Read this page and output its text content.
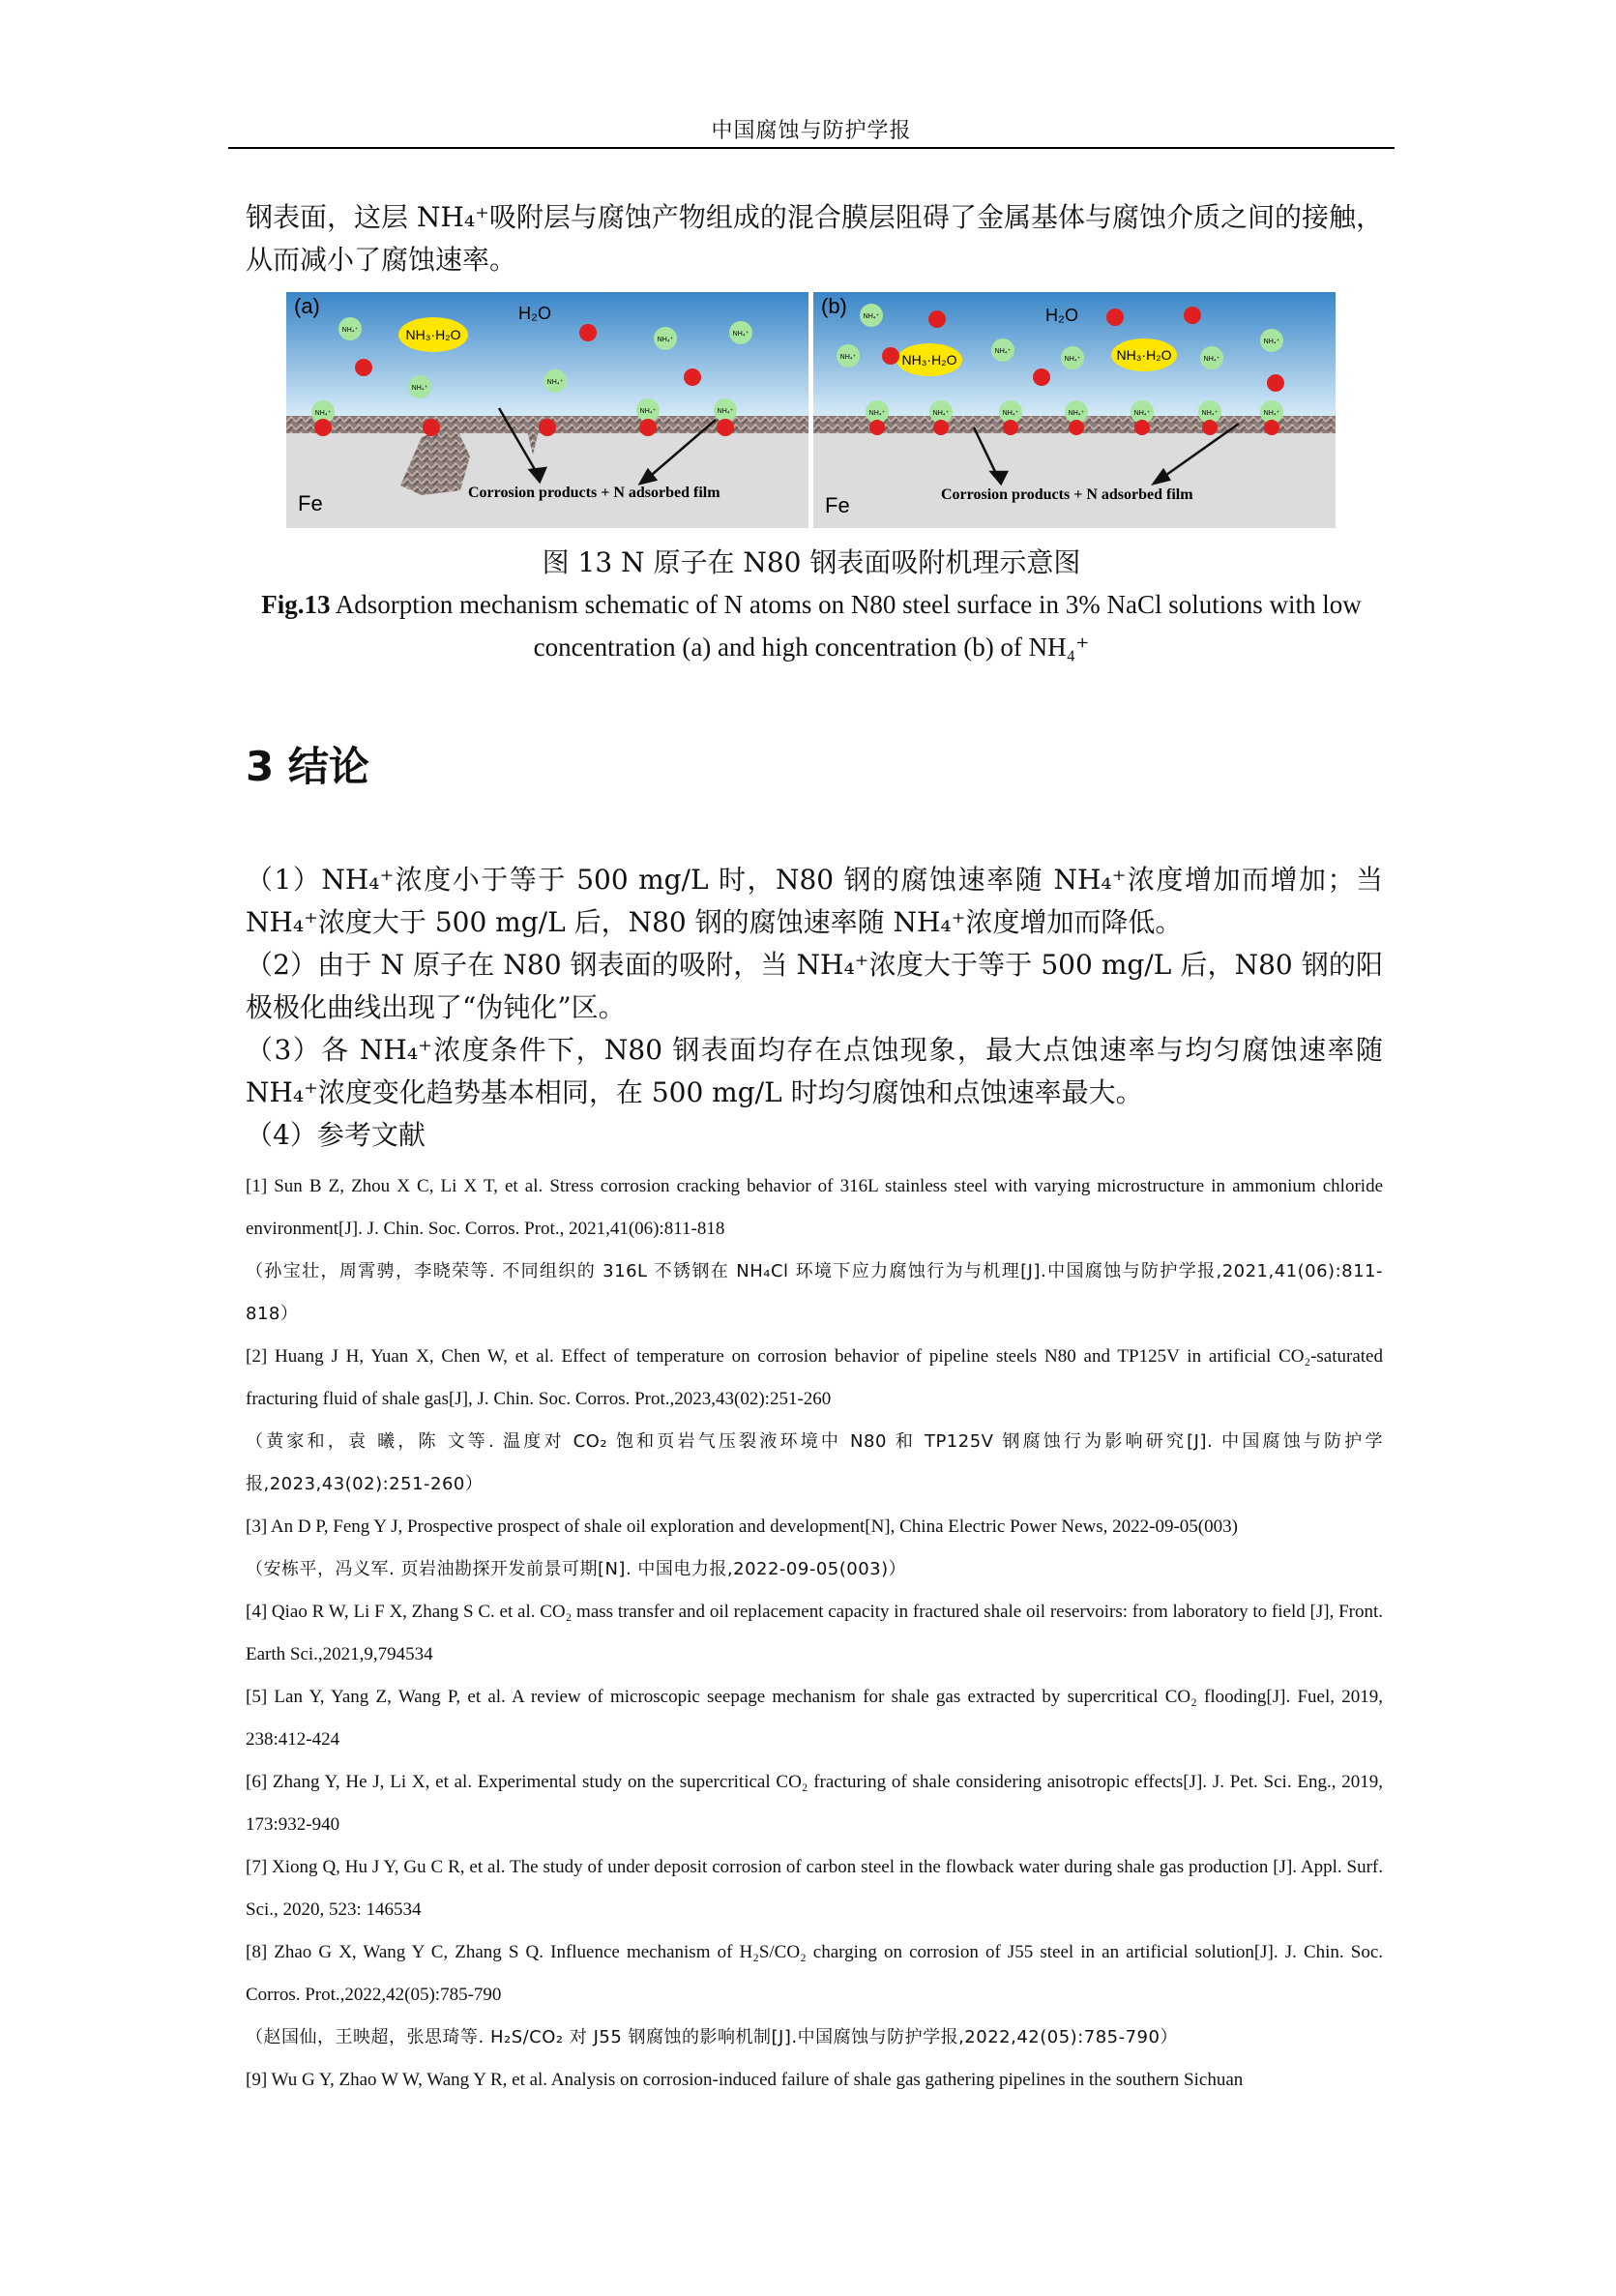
中国腐蚀与防护学报
钢表面，这层 NH₄⁺吸附层与腐蚀产物组成的混合膜层阻碍了金属基体与腐蚀介质之间的接触，从而减小了腐蚀速率。
(a)	H₂O
NH₃·H₂O
NH₄⁺
NH₄⁺
NH₄⁺
NH₄⁺
NH₄⁺
NH₄⁺	NH₄⁺	NH₄⁺
Corrosion products + N adsorbed film
Fe
(b)	H₂O
NH₃·H₂O	NH₃·H₂O
NH₄⁺
NH₄⁺
NH₄⁺
NH₄⁺	NH₄⁺
NH₄⁺
NH₄⁺	NH₄⁺	NH₄⁺	NH₄⁺	NH₄⁺	NH₄⁺	NH₄⁺
Corrosion products + N adsorbed film
Fe
图 13 N 原子在 N80 钢表面吸附机理示意图
Fig.13 Adsorption mechanism schematic of N atoms on N80 steel surface in 3% NaCl solutions with low concentration (a) and high concentration (b) of NH₄⁺
3 结论

（1）NH₄⁺浓度小于等于 500 mg/L 时，N80 钢的腐蚀速率随 NH₄⁺浓度增加而增加；当 NH₄⁺浓度大于 500 mg/L 后，N80 钢的腐蚀速率随 NH₄⁺浓度增加而降低。

（2）由于 N 原子在 N80 钢表面的吸附，当 NH₄⁺浓度大于等于 500 mg/L 后，N80 钢的阳极极化曲线出现了“伪钝化”区。

（3）各 NH₄⁺浓度条件下，N80 钢表面均存在点蚀现象，最大点蚀速率与均匀腐蚀速率随 NH₄⁺浓度变化趋势基本相同，在 500 mg/L 时均匀腐蚀和点蚀速率最大。

（4）参考文献

[1] Sun B Z, Zhou X C, Li X T, et al. Stress corrosion cracking behavior of 316L stainless steel with varying microstructure in ammonium chloride environment[J]. J. Chin. Soc. Corros. Prot., 2021,41(06):811-818

（孙宝壮，周霄骋，李晓荣等. 不同组织的 316L 不锈钢在 NH₄Cl 环境下应力腐蚀行为与机理[J].中国腐蚀与防护学报,2021,41(06):811-818）

[2] Huang J H, Yuan X, Chen W, et al. Effect of temperature on corrosion behavior of pipeline steels N80 and TP125V in artificial CO₂-saturated fracturing fluid of shale gas[J], J. Chin. Soc. Corros. Prot.,2023,43(02):251-260

（黄家和，袁 曦，陈 文等. 温度对 CO₂ 饱和页岩气压裂液环境中 N80 和 TP125V 钢腐蚀行为影响研究[J]. 中国腐蚀与防护学报,2023,43(02):251-260）

[3] An D P, Feng Y J, Prospective prospect of shale oil exploration and development[N], China Electric Power News, 2022-09-05(003)

（安栋平，冯义军. 页岩油勘探开发前景可期[N]. 中国电力报,2022-09-05(003)）

[4] Qiao R W, Li F X, Zhang S C. et al. CO₂ mass transfer and oil replacement capacity in fractured shale oil reservoirs: from laboratory to field [J], Front. Earth Sci.,2021,9,794534

[5] Lan Y, Yang Z, Wang P, et al. A review of microscopic seepage mechanism for shale gas extracted by supercritical CO₂ flooding[J]. Fuel, 2019, 238:412-424

[6] Zhang Y, He J, Li X, et al. Experimental study on the supercritical CO₂ fracturing of shale considering anisotropic effects[J]. J. Pet. Sci. Eng., 2019, 173:932-940

[7] Xiong Q, Hu J Y, Gu C R, et al. The study of under deposit corrosion of carbon steel in the flowback water during shale gas production [J]. Appl. Surf. Sci., 2020, 523: 146534

[8] Zhao G X, Wang Y C, Zhang S Q. Influence mechanism of H₂S/CO₂ charging on corrosion of J55 steel in an artificial solution[J]. J. Chin. Soc. Corros. Prot.,2022,42(05):785-790

（赵国仙，王映超，张思琦等. H₂S/CO₂ 对 J55 钢腐蚀的影响机制[J].中国腐蚀与防护学报,2022,42(05):785-790）

[9] Wu G Y, Zhao W W, Wang Y R, et al. Analysis on corrosion-induced failure of shale gas gathering pipelines in the southern Sichuan
